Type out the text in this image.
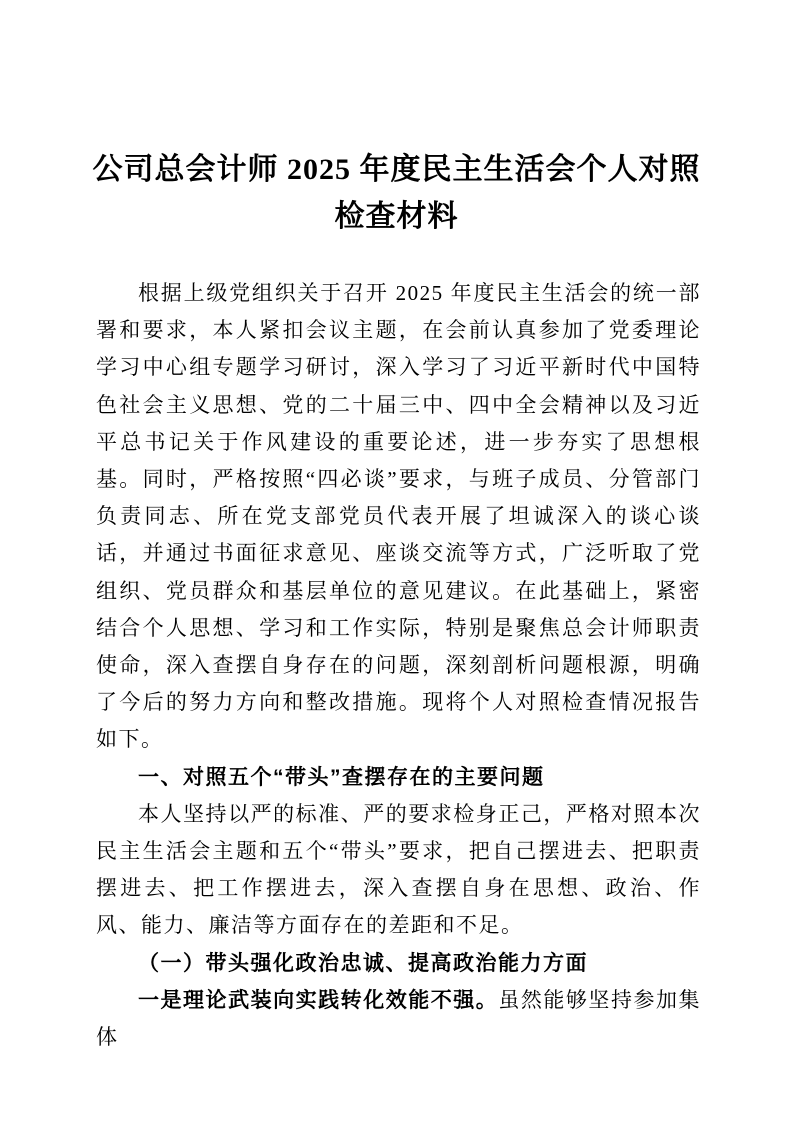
公司总会计师 2025 年度民主生活会个人对照
检查材料

根据上级党组织关于召开 2025 年度民主生活会的统一部署和要求，本人紧扣会议主题，在会前认真参加了党委理论学习中心组专题学习研讨，深入学习了习近平新时代中国特色社会主义思想、党的二十届三中、四中全会精神以及习近平总书记关于作风建设的重要论述，进一步夯实了思想根基。同时，严格按照“四必谈”要求，与班子成员、分管部门负责同志、所在党支部党员代表开展了坦诚深入的谈心谈话，并通过书面征求意见、座谈交流等方式，广泛听取了党组织、党员群众和基层单位的意见建议。在此基础上，紧密结合个人思想、学习和工作实际，特别是聚焦总会计师职责使命，深入查摆自身存在的问题，深刻剖析问题根源，明确了今后的努力方向和整改措施。现将个人对照检查情况报告如下。

一、对照五个“带头”查摆存在的主要问题

本人坚持以严的标准、严的要求检身正己，严格对照本次民主生活会主题和五个“带头”要求，把自己摆进去、把职责摆进去、把工作摆进去，深入查摆自身在思想、政治、作风、能力、廉洁等方面存在的差距和不足。

（一）带头强化政治忠诚、提高政治能力方面

一是理论武装向实践转化效能不强。虽然能够坚持参加集体
